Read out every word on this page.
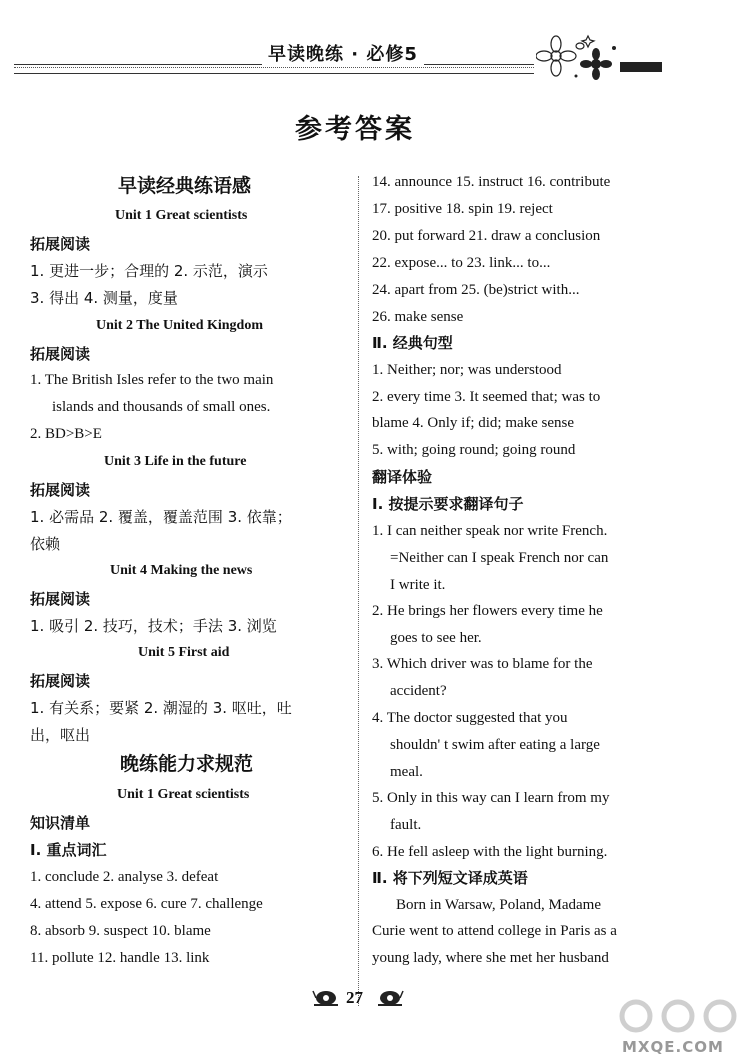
早读晚练 · 必修5
参考答案
早读经典练语感
Unit 1 Great scientists
拓展阅读
1. 更进一步；合理的 2. 示范，演示
3. 得出 4. 测量，度量
Unit 2 The United Kingdom
拓展阅读
1. The British Isles refer to the two main
islands and thousands of small ones.
2. BD>B>E
Unit 3 Life in the future
拓展阅读
1. 必需品 2. 覆盖，覆盖范围 3. 依靠；
依赖
Unit 4 Making the news
拓展阅读
1. 吸引 2. 技巧，技术；手法 3. 浏览
Unit 5 First aid
拓展阅读
1. 有关系；要紧 2. 潮湿的 3. 呕吐，吐
出，呕出
晚练能力求规范
Unit 1 Great scientists
知识清单
Ⅰ. 重点词汇
1. conclude 2. analyse 3. defeat
4. attend 5. expose 6. cure 7. challenge
8. absorb 9. suspect 10. blame
11. pollute 12. handle 13. link
14. announce 15. instruct 16. contribute
17. positive 18. spin 19. reject
20. put forward 21. draw a conclusion
22. expose... to 23. link... to...
24. apart from 25. (be)strict with...
26. make sense
Ⅱ. 经典句型
1. Neither; nor; was understood
2. every time 3. It seemed that; was to
blame 4. Only if; did; make sense
5. with; going round; going round
翻译体验
Ⅰ. 按提示要求翻译句子
1. I can neither speak nor write French.
=Neither can I speak French nor can
I write it.
2. He brings her flowers every time he
goes to see her.
3. Which driver was to blame for the
accident?
4. The doctor suggested that you
shouldn' t swim after eating a large
meal.
5. Only in this way can I learn from my
fault.
6. He fell asleep with the light burning.
Ⅱ. 将下列短文译成英语
Born in Warsaw, Poland, Madame
Curie went to attend college in Paris as a
young lady, where she met her husband
27
MXQE.COM
